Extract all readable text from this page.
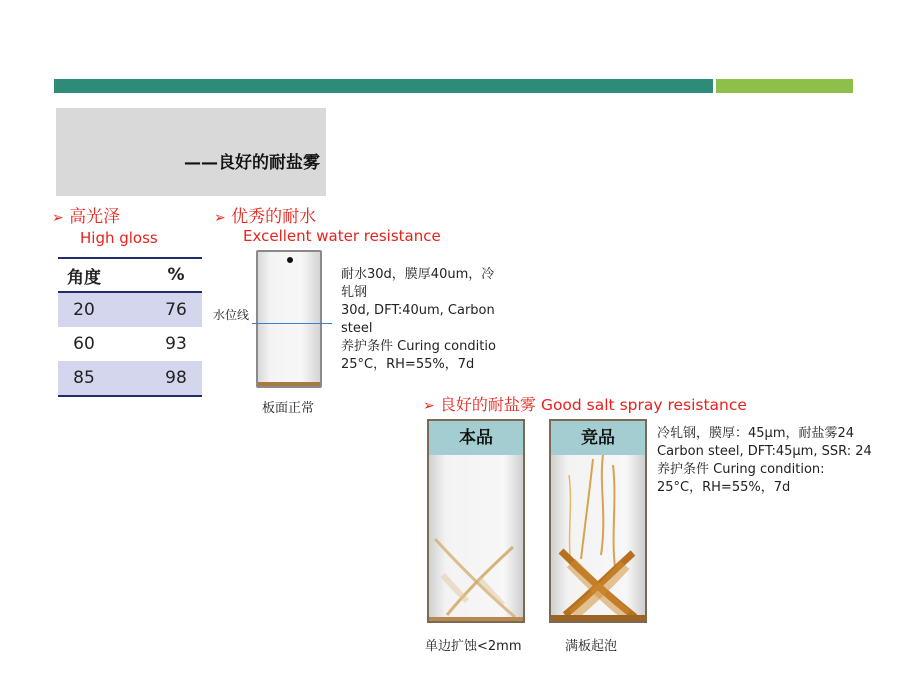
——良好的耐盐雾
➢ 高光泽
High gloss
角度	%
20	76
60	93
85	98
➢ 优秀的耐水
Excellent water resistance
水位线
板面正常
耐水30d，膜厚40um，冷
轧钢
30d, DFT:40um, Carbon
steel
养护条件 Curing conditio
25°C，RH=55%，7d
➢ 良好的耐盐雾 Good salt spray resistance
本品	竞品
单边扩蚀<2mm	满板起泡
冷轧钢，膜厚：45μm，耐盐雾24
Carbon steel, DFT:45μm, SSR: 24
养护条件 Curing condition:
25°C，RH=55%，7d
